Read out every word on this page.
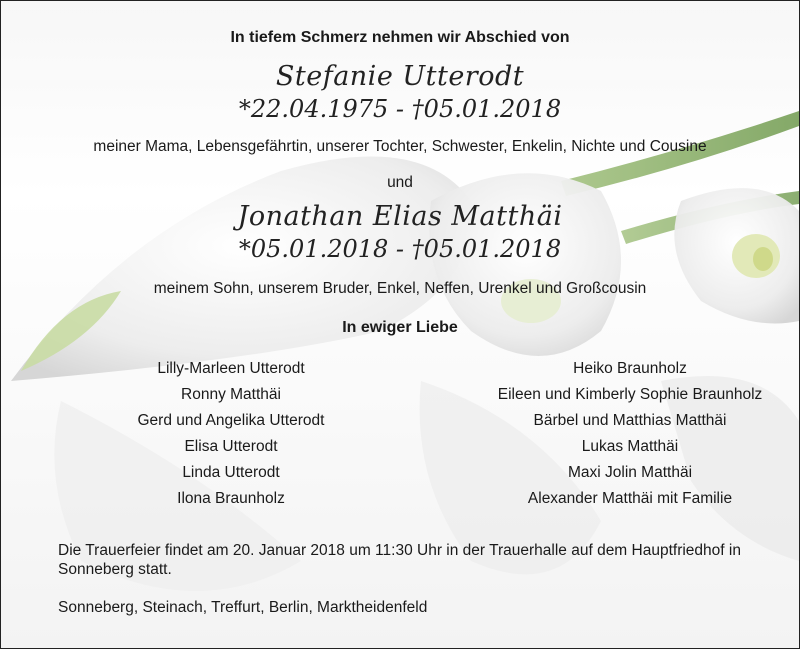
In tiefem Schmerz nehmen wir Abschied von
Stefanie Utterodt
*22.04.1975 - †05.01.2018
meiner Mama, Lebensgefährtin, unserer Tochter, Schwester, Enkelin, Nichte und Cousine
und
Jonathan Elias Matthäi
*05.01.2018 - †05.01.2018
meinem Sohn, unserem Bruder, Enkel, Neffen, Urenkel und Großcousin
In ewiger Liebe
Lilly-Marleen Utterodt
Ronny Matthäi
Gerd und Angelika Utterodt
Elisa Utterodt
Linda Utterodt
Ilona Braunholz
Heiko Braunholz
Eileen und Kimberly Sophie Braunholz
Bärbel und Matthias Matthäi
Lukas Matthäi
Maxi Jolin Matthäi
Alexander Matthäi mit Familie
Die Trauerfeier findet am 20. Januar 2018 um 11:30 Uhr in der Trauerhalle auf dem Hauptfriedhof in Sonneberg statt.
Sonneberg, Steinach, Treffurt, Berlin, Marktheidenfeld
